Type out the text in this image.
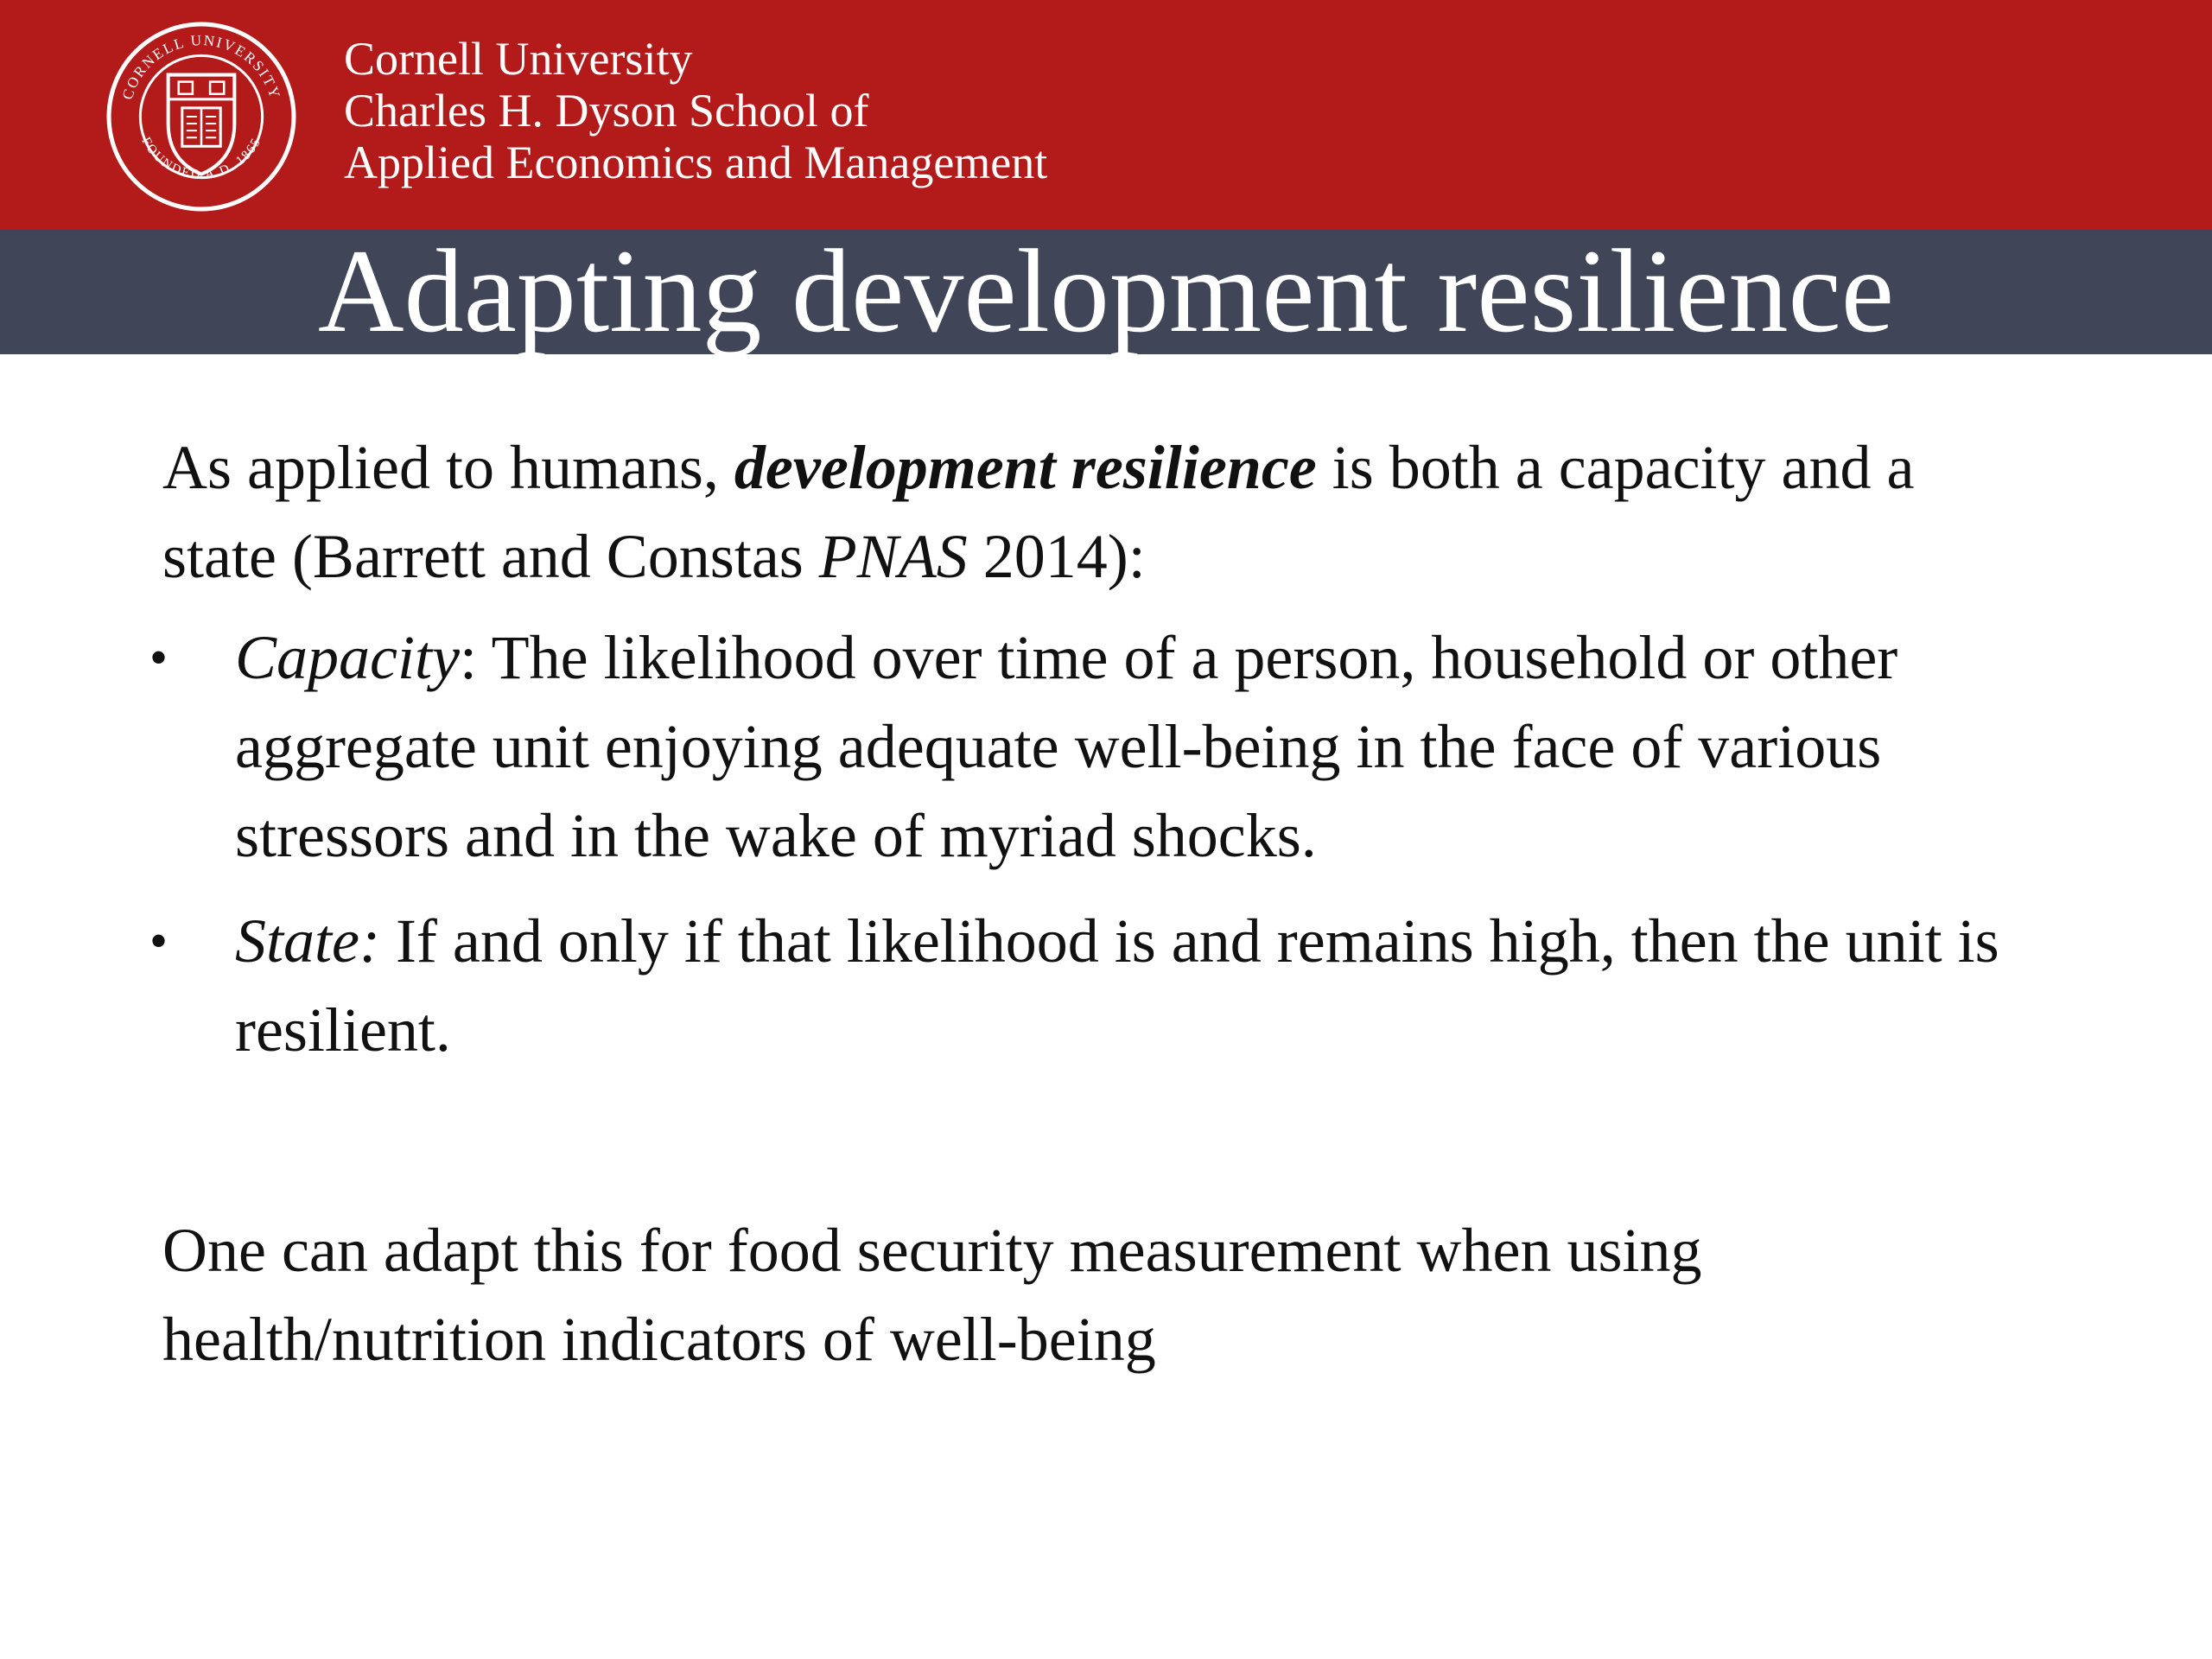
CORNELL UNIVERSITY
FOUNDED A.D. 1865
Cornell University
Charles H. Dyson School of
Applied Economics and Management
Adapting development resilience

As applied to humans, development resilience is both a capacity and a state (Barrett and Constas PNAS 2014):

• Capacity: The likelihood over time of a person, household or other aggregate unit enjoying adequate well-being in the face of various stressors and in the wake of myriad shocks.
• State: If and only if that likelihood is and remains high, then the unit is resilient.

One can adapt this for food security measurement when using health/nutrition indicators of well-being
